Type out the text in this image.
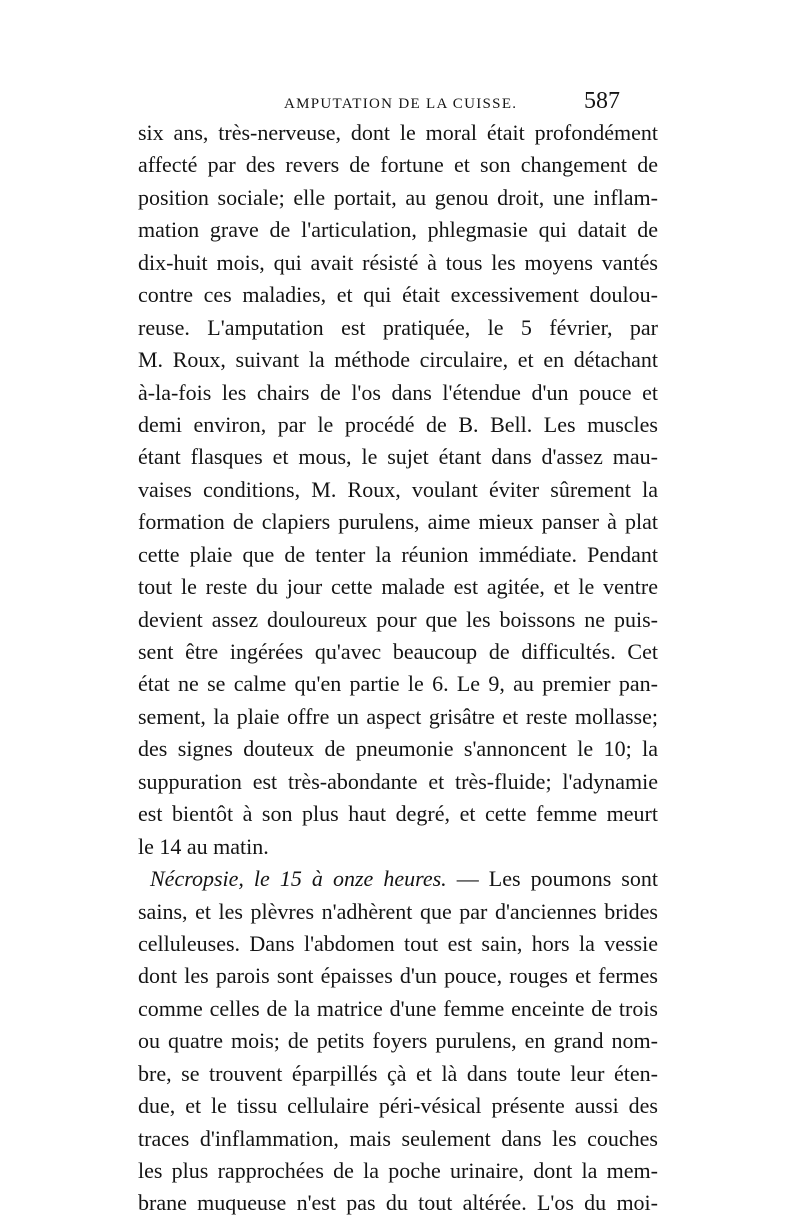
AMPUTATION DE LA CUISSE.	587
six ans, très-nerveuse, dont le moral était profondément
affecté par des revers de fortune et son changement de
position sociale; elle portait, au genou droit, une inflam-
mation grave de l'articulation, phlegmasie qui datait de
dix-huit mois, qui avait résisté à tous les moyens vantés
contre ces maladies, et qui était excessivement doulou-
reuse. L'amputation est pratiquée, le 5 février, par
M. Roux, suivant la méthode circulaire, et en détachant
à-la-fois les chairs de l'os dans l'étendue d'un pouce et
demi environ, par le procédé de B. Bell. Les muscles
étant flasques et mous, le sujet étant dans d'assez mau-
vaises conditions, M. Roux, voulant éviter sûrement la
formation de clapiers purulens, aime mieux panser à plat
cette plaie que de tenter la réunion immédiate. Pendant
tout le reste du jour cette malade est agitée, et le ventre
devient assez douloureux pour que les boissons ne puis-
sent être ingérées qu'avec beaucoup de difficultés. Cet
état ne se calme qu'en partie le 6. Le 9, au premier pan-
sement, la plaie offre un aspect grisâtre et reste mollasse;
des signes douteux de pneumonie s'annoncent le 10; la
suppuration est très-abondante et très-fluide; l'adynamie
est bientôt à son plus haut degré, et cette femme meurt
le 14 au matin.
Nécropsie, le 15 à onze heures. — Les poumons sont
sains, et les plèvres n'adhèrent que par d'anciennes brides
celluleuses. Dans l'abdomen tout est sain, hors la vessie
dont les parois sont épaisses d'un pouce, rouges et fermes
comme celles de la matrice d'une femme enceinte de trois
ou quatre mois; de petits foyers purulens, en grand nom-
bre, se trouvent éparpillés çà et là dans toute leur éten-
due, et le tissu cellulaire péri-vésical présente aussi des
traces d'inflammation, mais seulement dans les couches
les plus rapprochées de la poche urinaire, dont la mem-
brane muqueuse n'est pas du tout altérée. L'os du moi-
